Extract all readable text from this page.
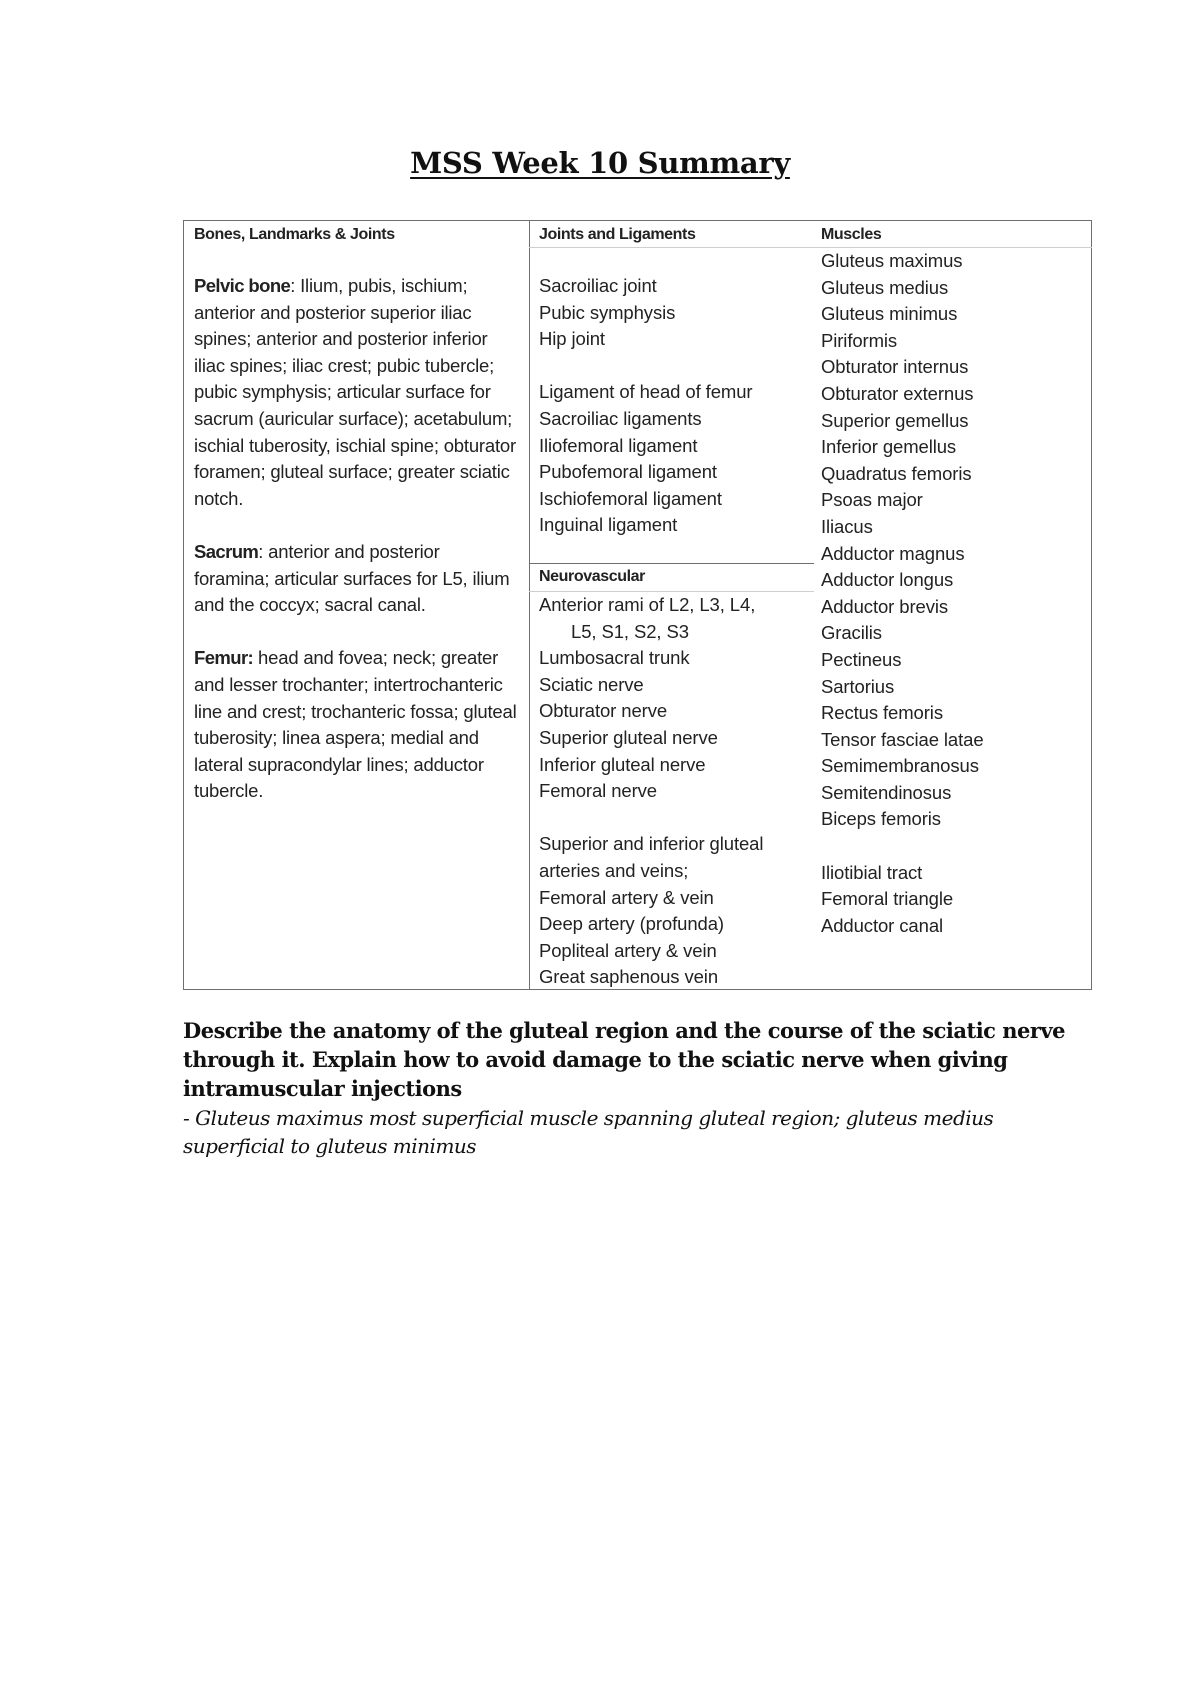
MSS Week 10 Summary
Bones, Landmarks & Joints	Joints and Ligaments	Muscles

Pelvic bone: Ilium, pubis, ischium; anterior and posterior superior iliac spines; anterior and posterior inferior iliac spines; iliac crest; pubic tubercle; pubic symphysis; articular surface for sacrum (auricular surface); acetabulum; ischial tuberosity, ischial spine; obturator foramen; gluteal surface; greater sciatic notch.

Sacrum: anterior and posterior foramina; articular surfaces for L5, ilium and the coccyx; sacral canal.

Femur: head and fovea; neck; greater and lesser trochanter; intertrochanteric line and crest; trochanteric fossa; gluteal tuberosity; linea aspera; medial and lateral supracondylar lines; adductor tubercle.

Sacroiliac joint
Pubic symphysis
Hip joint
Ligament of head of femur
Sacroiliac ligaments
Iliofemoral ligament
Pubofemoral ligament
Ischiofemoral ligament
Inguinal ligament
Neurovascular
Anterior rami of L2, L3, L4,
L5, S1, S2, S3
Lumbosacral trunk
Sciatic nerve
Obturator nerve
Superior gluteal nerve
Inferior gluteal nerve
Femoral nerve
Superior and inferior gluteal
arteries and veins;
Femoral artery & vein
Deep artery (profunda)
Popliteal artery & vein
Great saphenous vein
Gluteus maximus
Gluteus medius
Gluteus minimus
Piriformis
Obturator internus
Obturator externus
Superior gemellus
Inferior gemellus
Quadratus femoris
Psoas major
Iliacus
Adductor magnus
Adductor longus
Adductor brevis
Gracilis
Pectineus
Sartorius
Rectus femoris
Tensor fasciae latae
Semimembranosus
Semitendinosus
Biceps femoris
Iliotibial tract
Femoral triangle
Adductor canal
Describe the anatomy of the gluteal region and the course of the sciatic nerve through it. Explain how to avoid damage to the sciatic nerve when giving intramuscular injections
- Gluteus maximus most superficial muscle spanning gluteal region; gluteus medius superficial to gluteus minimus
